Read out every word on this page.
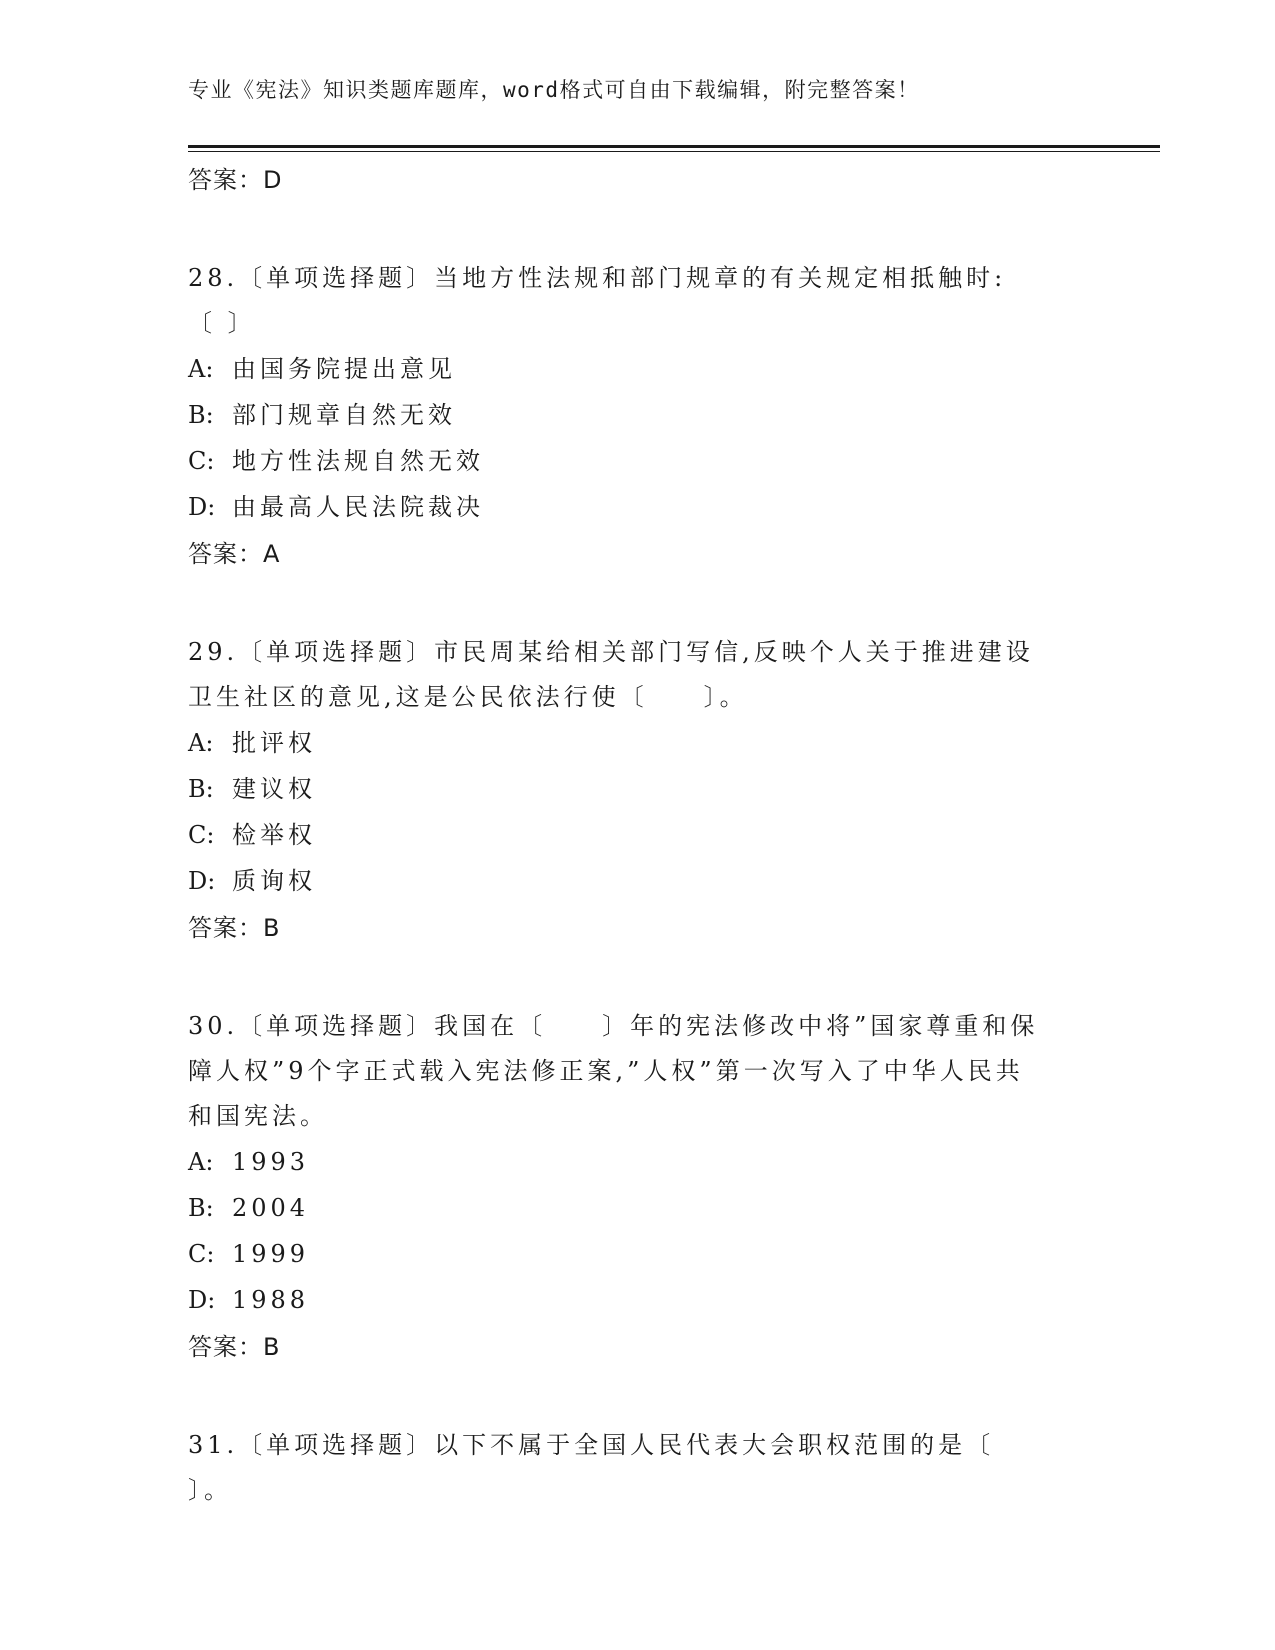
专业《宪法》知识类题库题库，word格式可自由下载编辑，附完整答案！
答案：D
28.〔单项选择题〕当地方性法规和部门规章的有关规定相抵触时:〔 〕
A: 由国务院提出意见
B: 部门规章自然无效
C: 地方性法规自然无效
D: 由最高人民法院裁决
答案：A
29.〔单项选择题〕市民周某给相关部门写信,反映个人关于推进建设卫生社区的意见,这是公民依法行使〔　　〕。
A: 批评权
B: 建议权
C: 检举权
D: 质询权
答案：B
30.〔单项选择题〕我国在〔　　〕年的宪法修改中将”国家尊重和保障人权”9个字正式载入宪法修正案,”人权”第一次写入了中华人民共和国宪法。
A: 1993
B: 2004
C: 1999
D: 1988
答案：B
31.〔单项选择题〕以下不属于全国人民代表大会职权范围的是〔 〕。
